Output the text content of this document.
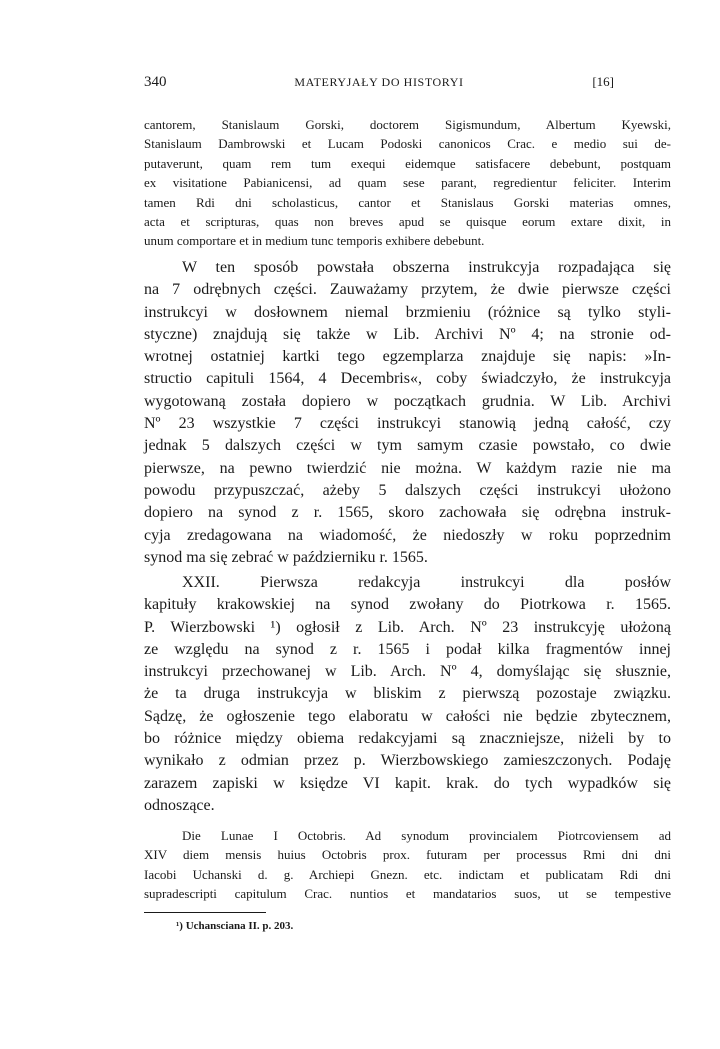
340	MATERYJAŁY DO HISTORYI	[16]
cantorem, Stanislaum Gorski, doctorem Sigismundum, Albertum Kyewski,
Stanislaum Dambrowski et Lucam Podoski canonicos Crac. e medio sui de-
putaverunt, quam rem tum exequi eidemque satisfacere debebunt, postquam
ex visitatione Pabianicensi, ad quam sese parant, regredientur feliciter. Interim
tamen Rdi dni scholasticus, cantor et Stanislaus Gorski materias omnes,
acta et scripturas, quas non breves apud se quisque eorum extare dixit, in
unum comportare et in medium tunc temporis exhibere debebunt.
W ten sposób powstała obszerna instrukcyja rozpadająca się
na 7 odrębnych części. Zauważamy przytem, że dwie pierwsze części
instrukcyi w dosłownem niemal brzmieniu (różnice są tylko styli-
styczne) znajdują się także w Lib. Archivi Nº 4; na stronie od-
wrotnej ostatniej kartki tego egzemplarza znajduje się napis: »In-
structio capituli 1564, 4 Decembris«, coby świadczyło, że instrukcyja
wygotowaną została dopiero w początkach grudnia. W Lib. Archivi
Nº 23 wszystkie 7 części instrukcyi stanowią jedną całość, czy
jednak 5 dalszych części w tym samym czasie powstało, co dwie
pierwsze, na pewno twierdzić nie można. W każdym razie nie ma
powodu przypuszczać, ażeby 5 dalszych części instrukcyi ułożono
dopiero na synod z r. 1565, skoro zachowała się odrębna instruk-
cyja zredagowana na wiadomość, że niedoszły w roku poprzednim
synod ma się zebrać w październiku r. 1565.
XXII. Pierwsza redakcyja instrukcyi dla posłów
kapituły krakowskiej na synod zwołany do Piotrkowa r. 1565.
P. Wierzbowski ¹) ogłosił z Lib. Arch. Nº 23 instrukcyję ułożoną
ze względu na synod z r. 1565 i podał kilka fragmentów innej
instrukcyi przechowanej w Lib. Arch. Nº 4, domyślając się słusznie,
że ta druga instrukcyja w bliskim z pierwszą pozostaje związku.
Sądzę, że ogłoszenie tego elaboratu w całości nie będzie zbytecznem,
bo różnice między obiema redakcyjami są znaczniejsze, niżeli by to
wynikało z odmian przez p. Wierzbowskiego zamieszczonych. Podaję
zarazem zapiski w księdze VI kapit. krak. do tych wypadków się
odnoszące.
Die Lunae I Octobris. Ad synodum provincialem Piotrcoviensem ad
XIV diem mensis huius Octobris prox. futuram per processus Rmi dni dni
Iacobi Uchanski d. g. Archiepi Gnezn. etc. indictam et publicatam Rdi dni
supradescripti capitulum Crac. nuntios et mandatarios suos, ut se tempestive
¹) Uchansciana II. p. 203.
